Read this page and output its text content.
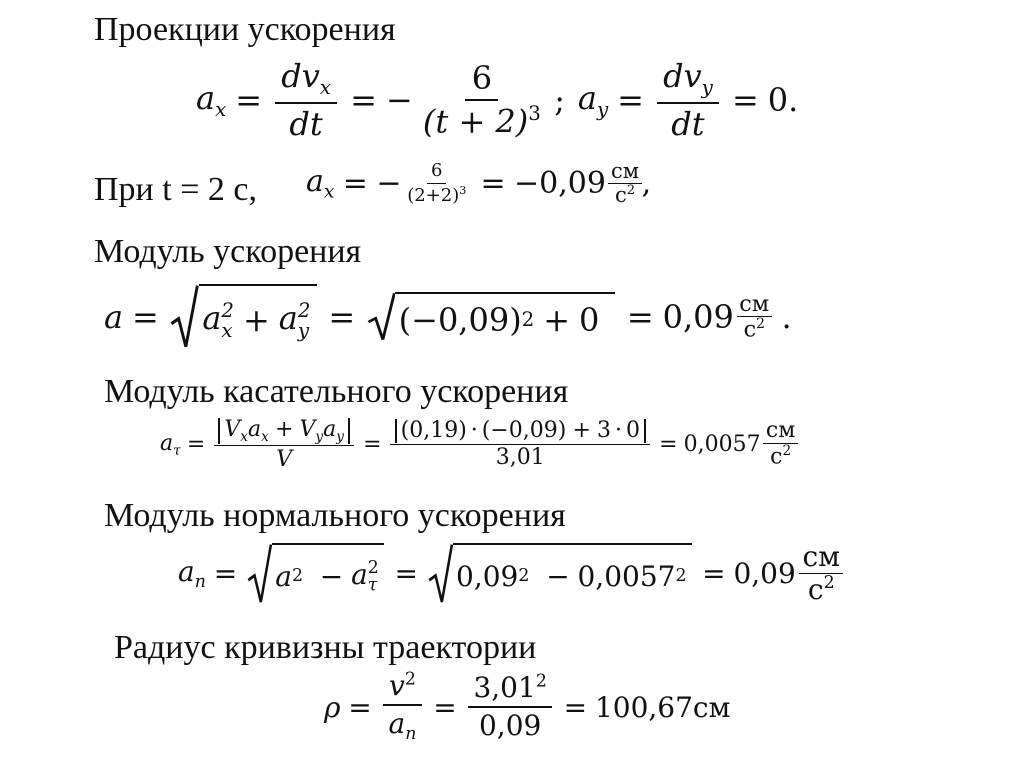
Проекции ускорения
$a_x = \frac{dv_x}{dt}$ = − $\frac{6}{(t + 2)^3}$ ; $a_y = \frac{dv_y}{dt} = 0$.
При t = 2 с, $a_x$ = − $\frac{6}{(2+2)^3}$ = − $0,09 \frac{см}{с^2}$ ,
Модуль ускорения
a = a 2
x + a 2
y = (−0,09) $2 + 0 = 0,09 \frac{см}{с^2}$ .
Модуль касательного ускорения
$a_\tau = \frac{V_xa_x + V_ya_y}{V} = \frac{(0,19) \cdot (-0,09) + 3 \cdot 0}{3,01} = 0,0057 \frac{см}{с^2}$
Модуль нормального ускорения
$a_n = a$ 2 − a 2
τ = 0,09 2 − 0,0057 $2 = 0,09 \frac{см}{с^2}$
Радиус кривизны траектории
$\rho = \frac{v^2}{a_n} = \frac{3,01^2}{0,09} = 100,67см$
